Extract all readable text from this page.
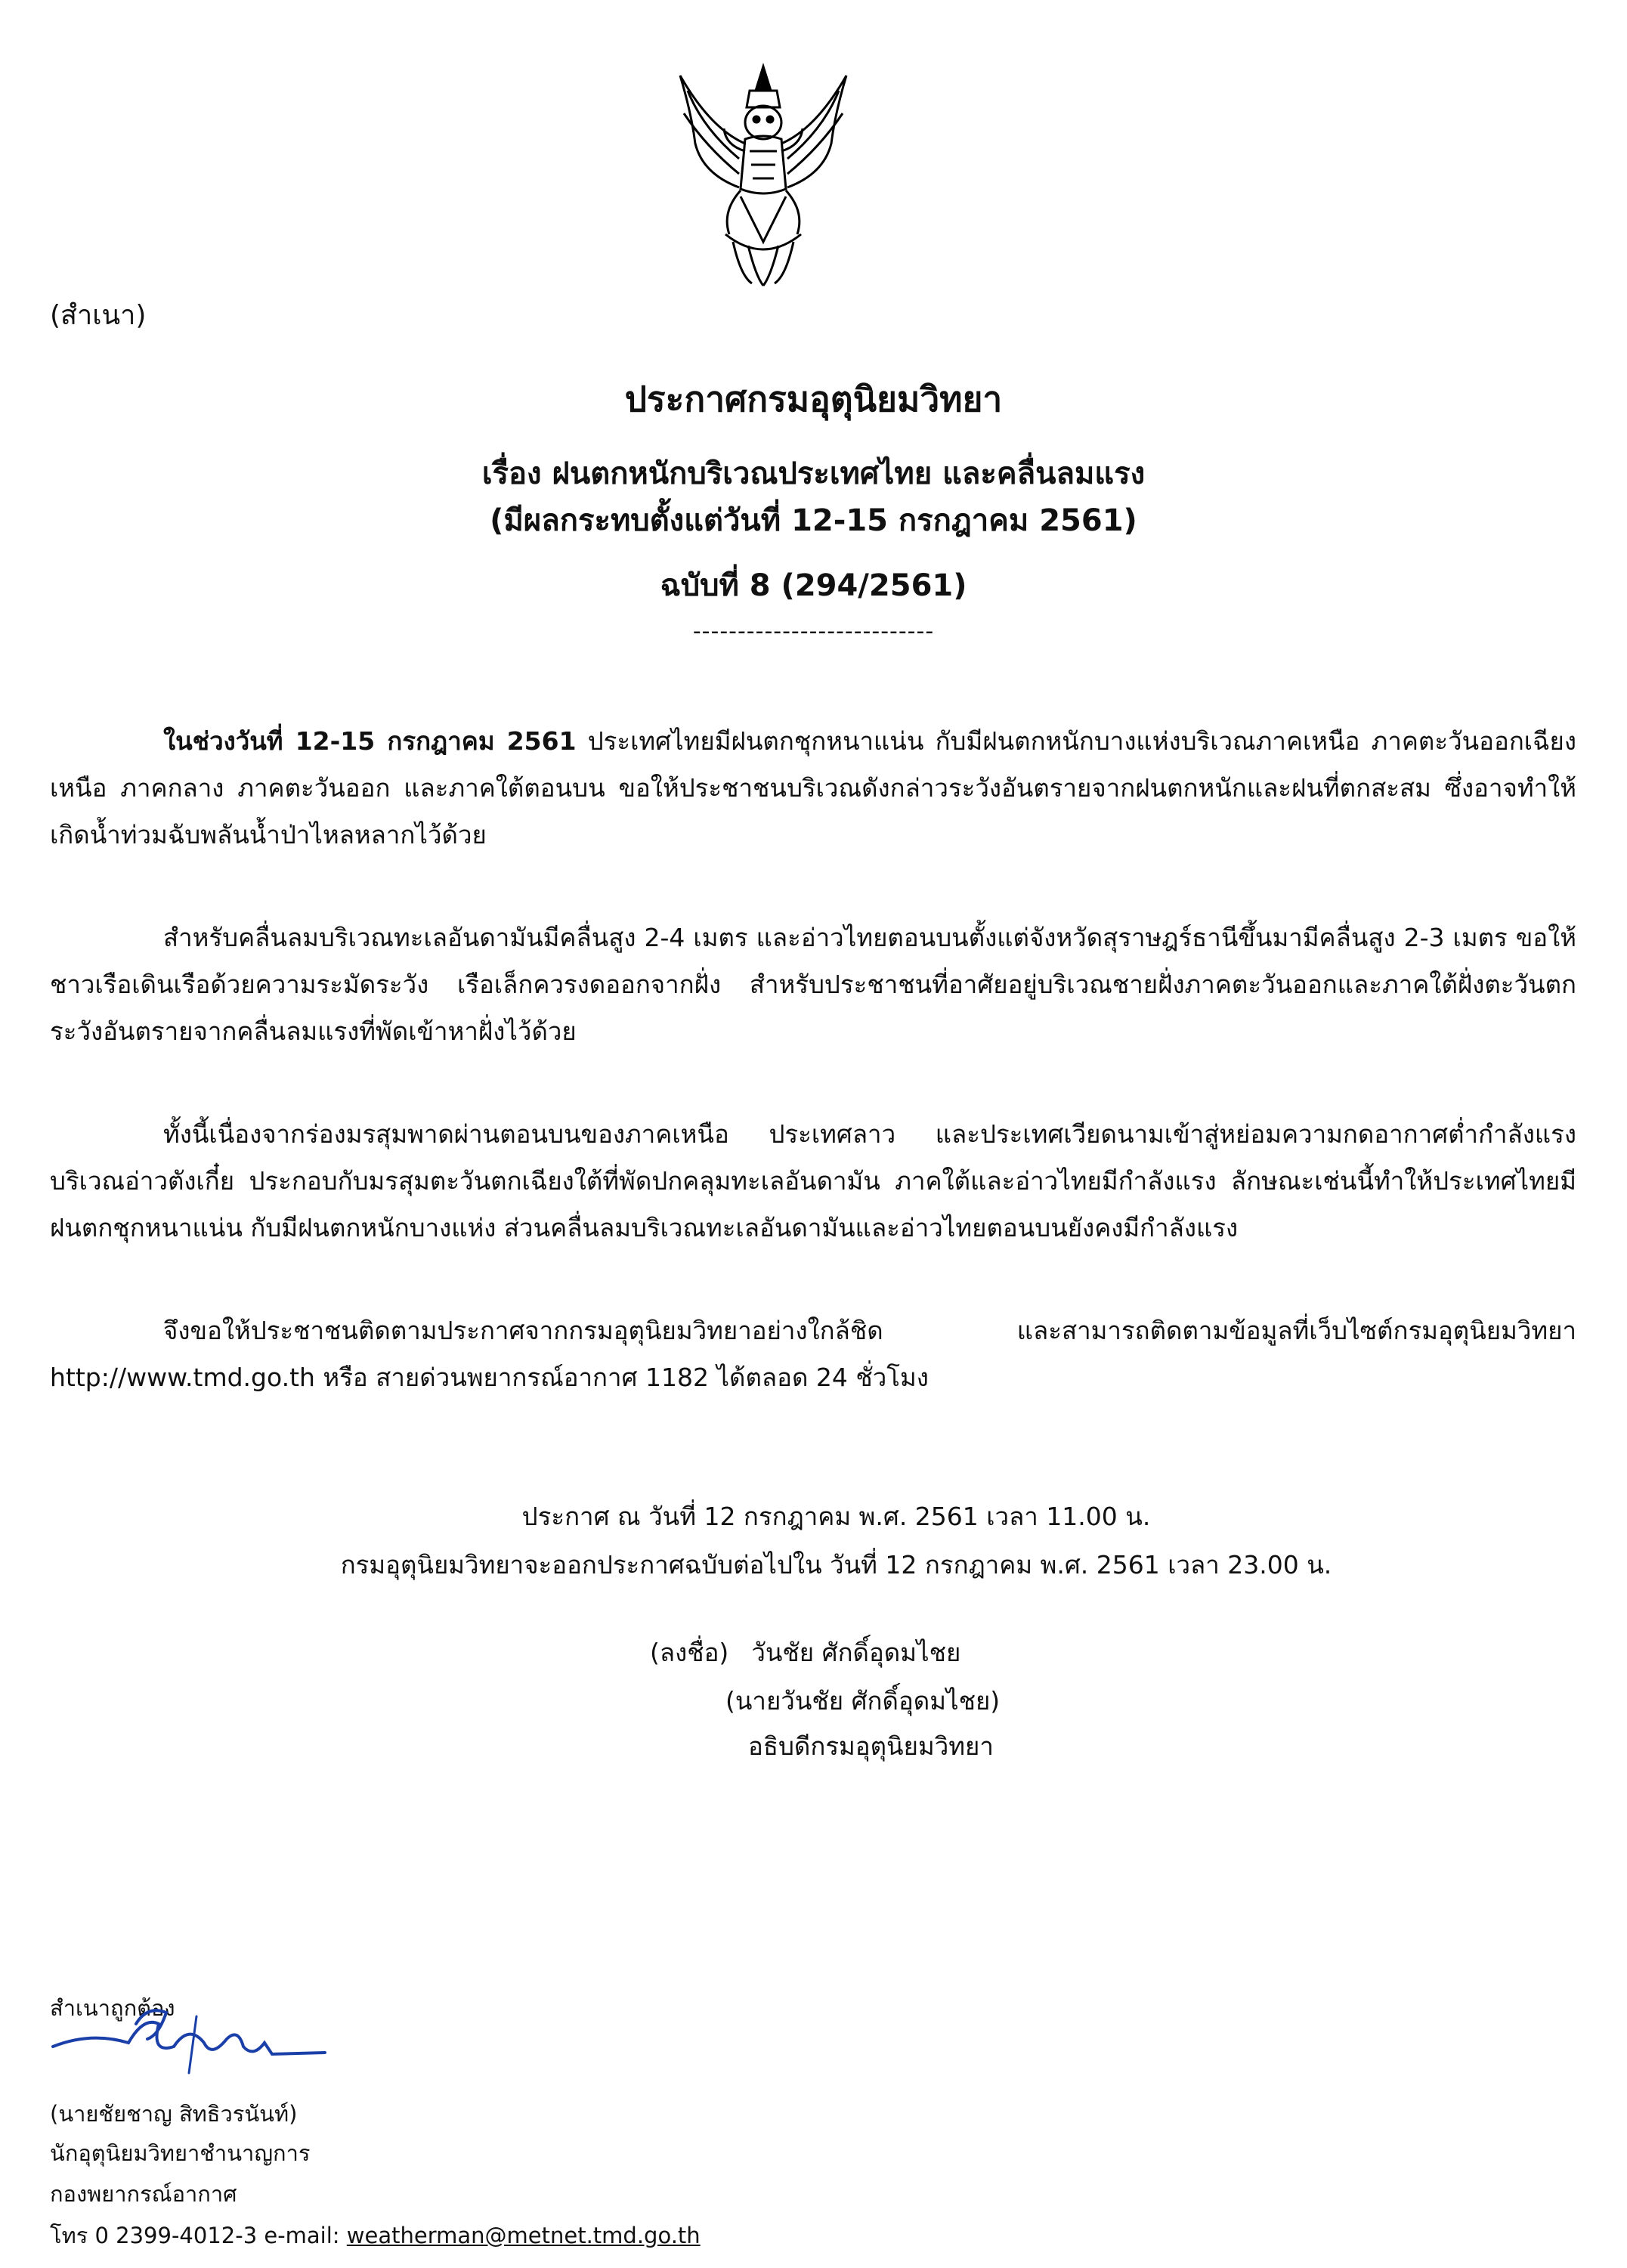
(สำเนา)
ประกาศกรมอุตุนิยมวิทยา
เรื่อง ฝนตกหนักบริเวณประเทศไทย และคลื่นลมแรง
(มีผลกระทบตั้งแต่วันที่ 12-15 กรกฎาคม 2561)
ฉบับที่ 8 (294/2561)
---------------------------

ในช่วงวันที่ 12-15 กรกฎาคม 2561 ประเทศไทยมีฝนตกชุกหนาแน่น กับมีฝนตกหนักบางแห่งบริเวณภาคเหนือ ภาคตะวันออกเฉียงเหนือ ภาคกลาง ภาคตะวันออก และภาคใต้ตอนบน ขอให้ประชาชนบริเวณดังกล่าวระวังอันตรายจากฝนตกหนักและฝนที่ตกสะสม ซึ่งอาจทำให้เกิดน้ำท่วมฉับพลันน้ำป่าไหลหลากไว้ด้วย

สำหรับคลื่นลมบริเวณทะเลอันดามันมีคลื่นสูง 2-4 เมตร และอ่าวไทยตอนบนตั้งแต่จังหวัดสุราษฎร์ธานีขึ้นมามีคลื่นสูง 2-3 เมตร ขอให้ชาวเรือเดินเรือด้วยความระมัดระวัง เรือเล็กควรงดออกจากฝั่ง สำหรับประชาชนที่อาศัยอยู่บริเวณชายฝั่งภาคตะวันออกและภาคใต้ฝั่งตะวันตก ระวังอันตรายจากคลื่นลมแรงที่พัดเข้าหาฝั่งไว้ด้วย

ทั้งนี้เนื่องจากร่องมรสุมพาดผ่านตอนบนของภาคเหนือ ประเทศลาว และประเทศเวียดนามเข้าสู่หย่อมความกดอากาศต่ำกำลังแรงบริเวณอ่าวตังเกี๋ย ประกอบกับมรสุมตะวันตกเฉียงใต้ที่พัดปกคลุมทะเลอันดามัน ภาคใต้และอ่าวไทยมีกำลังแรง ลักษณะเช่นนี้ทำให้ประเทศไทยมีฝนตกชุกหนาแน่น กับมีฝนตกหนักบางแห่ง ส่วนคลื่นลมบริเวณทะเลอันดามันและอ่าวไทยตอนบนยังคงมีกำลังแรง

จึงขอให้ประชาชนติดตามประกาศจากกรมอุตุนิยมวิทยาอย่างใกล้ชิด และสามารถติดตามข้อมูลที่เว็บไซต์กรมอุตุนิยมวิทยา http://www.tmd.go.th หรือ สายด่วนพยากรณ์อากาศ 1182 ได้ตลอด 24 ชั่วโมง

ประกาศ ณ วันที่ 12 กรกฎาคม พ.ศ. 2561 เวลา 11.00 น.
กรมอุตุนิยมวิทยาจะออกประกาศฉบับต่อไปใน วันที่ 12 กรกฎาคม พ.ศ. 2561 เวลา 23.00 น.
(ลงชื่อ) วันชัย ศักดิ์อุดมไชย
(นายวันชัย ศักดิ์อุดมไชย)
อธิบดีกรมอุตุนิยมวิทยา
สำเนาถูกต้อง
(นายชัยชาญ สิทธิวรนันท์)
นักอุตุนิยมวิทยาชำนาญการ
กองพยากรณ์อากาศ
โทร 0 2399-4012-3 e-mail: weatherman@metnet.tmd.go.th
